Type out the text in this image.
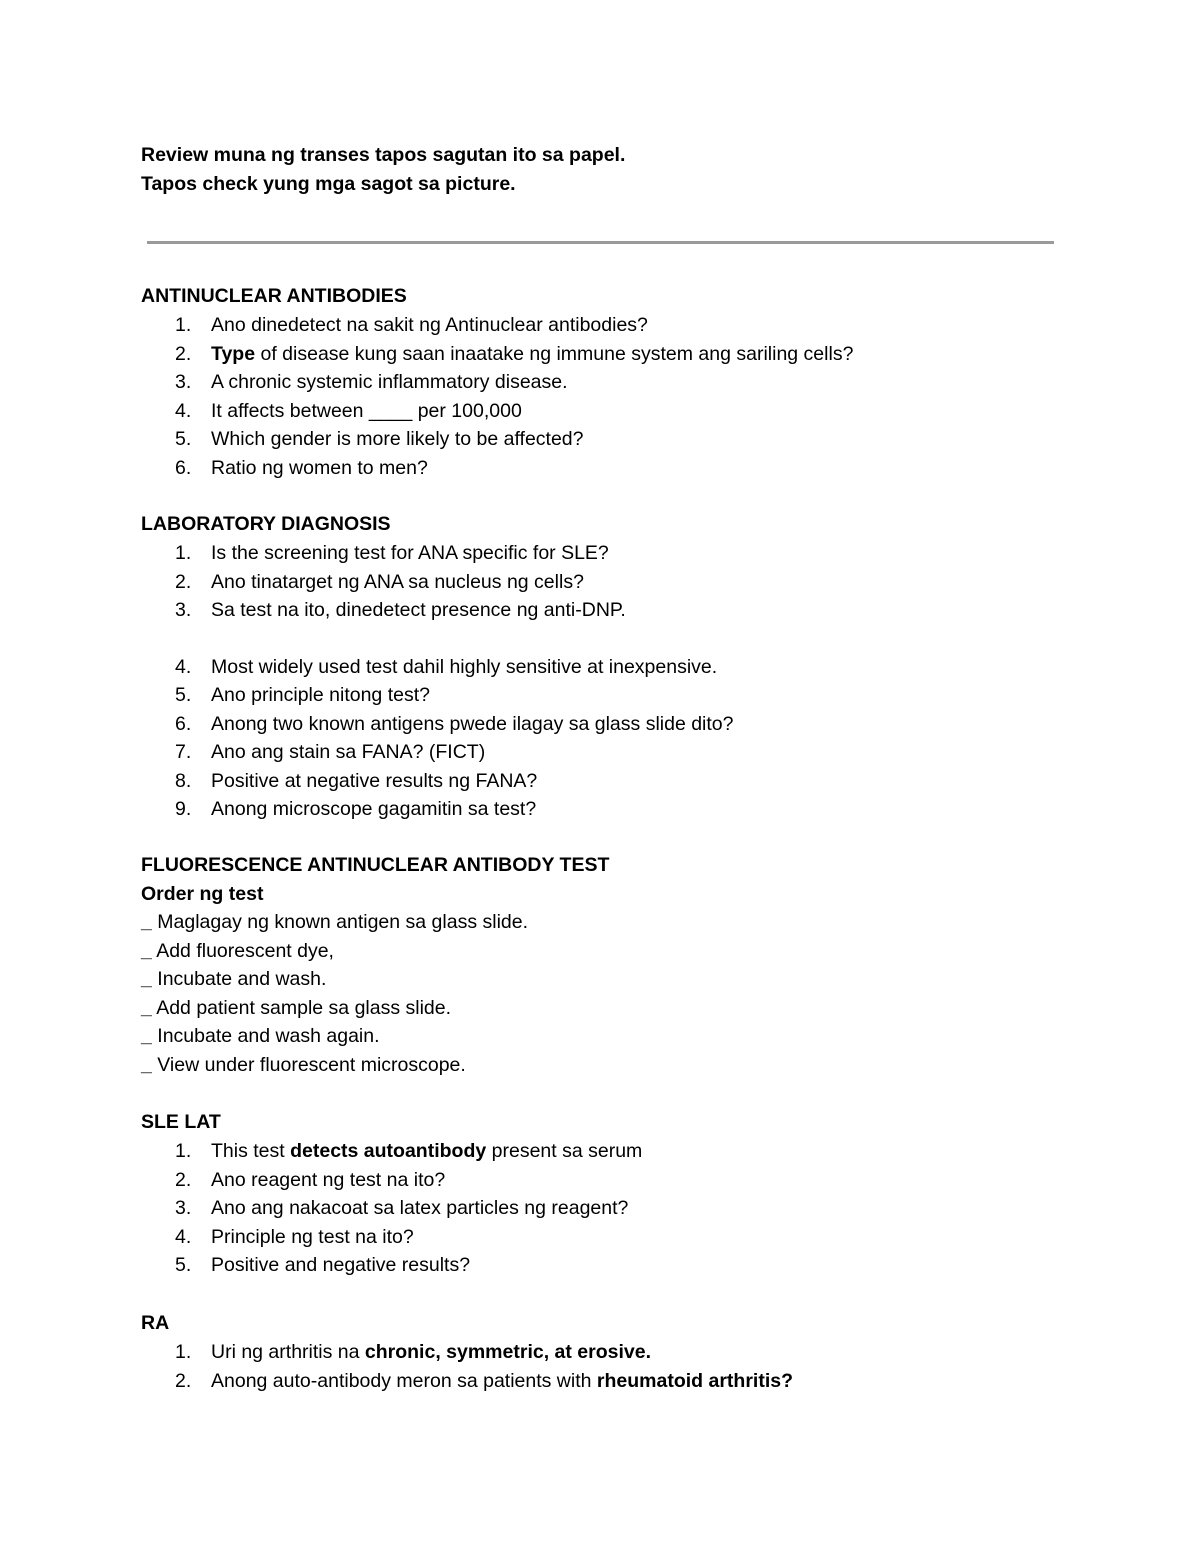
Review muna ng transes tapos sagutan ito sa papel.
Tapos check yung mga sagot sa picture.
ANTINUCLEAR ANTIBODIES
1. Ano dinedetect na sakit ng Antinuclear antibodies?
2. Type of disease kung saan inaatake ng immune system ang sariling cells?
3. A chronic systemic inflammatory disease.
4. It affects between ____ per 100,000
5. Which gender is more likely to be affected?
6. Ratio ng women to men?
LABORATORY DIAGNOSIS
1. Is the screening test for ANA specific for SLE?
2. Ano tinatarget ng ANA sa nucleus ng cells?
3. Sa test na ito, dinedetect presence ng anti-DNP.
4. Most widely used test dahil highly sensitive at inexpensive.
5. Ano principle nitong test?
6. Anong two known antigens pwede ilagay sa glass slide dito?
7. Ano ang stain sa FANA? (FICT)
8. Positive at negative results ng FANA?
9. Anong microscope gagamitin sa test?
FLUORESCENCE ANTINUCLEAR ANTIBODY TEST
Order ng test
_ Maglagay ng known antigen sa glass slide.
_ Add fluorescent dye,
_ Incubate and wash.
_ Add patient sample sa glass slide.
_ Incubate and wash again.
_ View under fluorescent microscope.
SLE LAT
1. This test detects autoantibody present sa serum
2. Ano reagent ng test na ito?
3. Ano ang nakacoat sa latex particles ng reagent?
4. Principle ng test na ito?
5. Positive and negative results?
RA
1. Uri ng arthritis na chronic, symmetric, at erosive.
2. Anong auto-antibody meron sa patients with rheumatoid arthritis?
